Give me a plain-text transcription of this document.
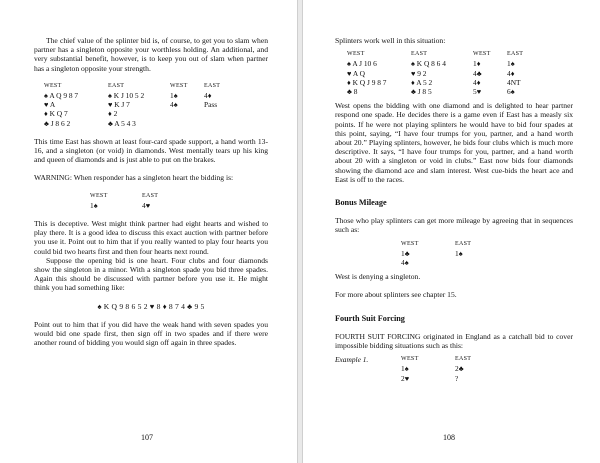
The chief value of the splinter bid is, of course, to get you to slam when partner has a singleton opposite your worthless holding. An additional, and very substantial benefit, however, is to keep you out of slam when partner has a singleton opposite your strength.

WEST	EAST	WEST	EAST
♠ A Q 9 8 7	♠ K J 10 5 2	1♠	4♦
♥ A	♥ K J 7	4♠	Pass
♦ K Q 7	♦ 2		
♣ J 8 6 2	♣ A 5 4 3		

This time East has shown at least four-card spade support, a hand worth 13-16, and a singleton (or void) in diamonds. West mentally tears up his king and queen of diamonds and is just able to put on the brakes.

WARNING: When responder has a singleton heart the bidding is:

WEST	EAST
1♠	4♥

This is deceptive. West might think partner had eight hearts and wished to play there. It is a good idea to discuss this exact auction with partner before you use it. Point out to him that if you really wanted to play four hearts you could bid two hearts first and then four hearts next round.

Suppose the opening bid is one heart. Four clubs and four diamonds show the singleton in a minor. With a singleton spade you bid three spades. Again this should be discussed with partner before you use it. He might think you had something like:

♠ K Q 9 8 6 5 2 ♥ 8 ♦ 8 7 4 ♣ 9 5

Point out to him that if you did have the weak hand with seven spades you would bid one spade first, then sign off in two spades and if there were another round of bidding you would sign off again in three spades.

107

Splinters work well in this situation:

WEST	EAST	WEST	EAST
♠ A J 10 6	♠ K Q 8 6 4	1♦	1♠
♥ A Q	♥ 9 2	4♣	4♦
♦ K Q J 9 8 7	♦ A 5 2	4♦	4NT
♣ 8	♣ J 8 5	5♥	6♠

West opens the bidding with one diamond and is delighted to hear partner respond one spade. He decides there is a game even if East has a measly six points. If he were not playing splinters he would have to bid four spades at this point, saying, “I have four trumps for you, partner, and a hand worth about 20.” Playing splinters, however, he bids four clubs which is much more descriptive. It says, “I have four trumps for you, partner, and a hand worth about 20 with a singleton or void in clubs.” East now bids four diamonds showing the diamond ace and slam interest. West cue-bids the heart ace and East is off to the races.

Bonus Mileage

Those who play splinters can get more mileage by agreeing that in sequences such as:

WEST	EAST
1♣	1♠
4♠	

West is denying a singleton.

For more about splinters see chapter 15.

Fourth Suit Forcing

FOURTH SUIT FORCING originated in England as a catchall bid to cover impossible bidding situations such as this:

Example 1.	WEST	EAST
	1♠	2♣
	2♥	?
108
